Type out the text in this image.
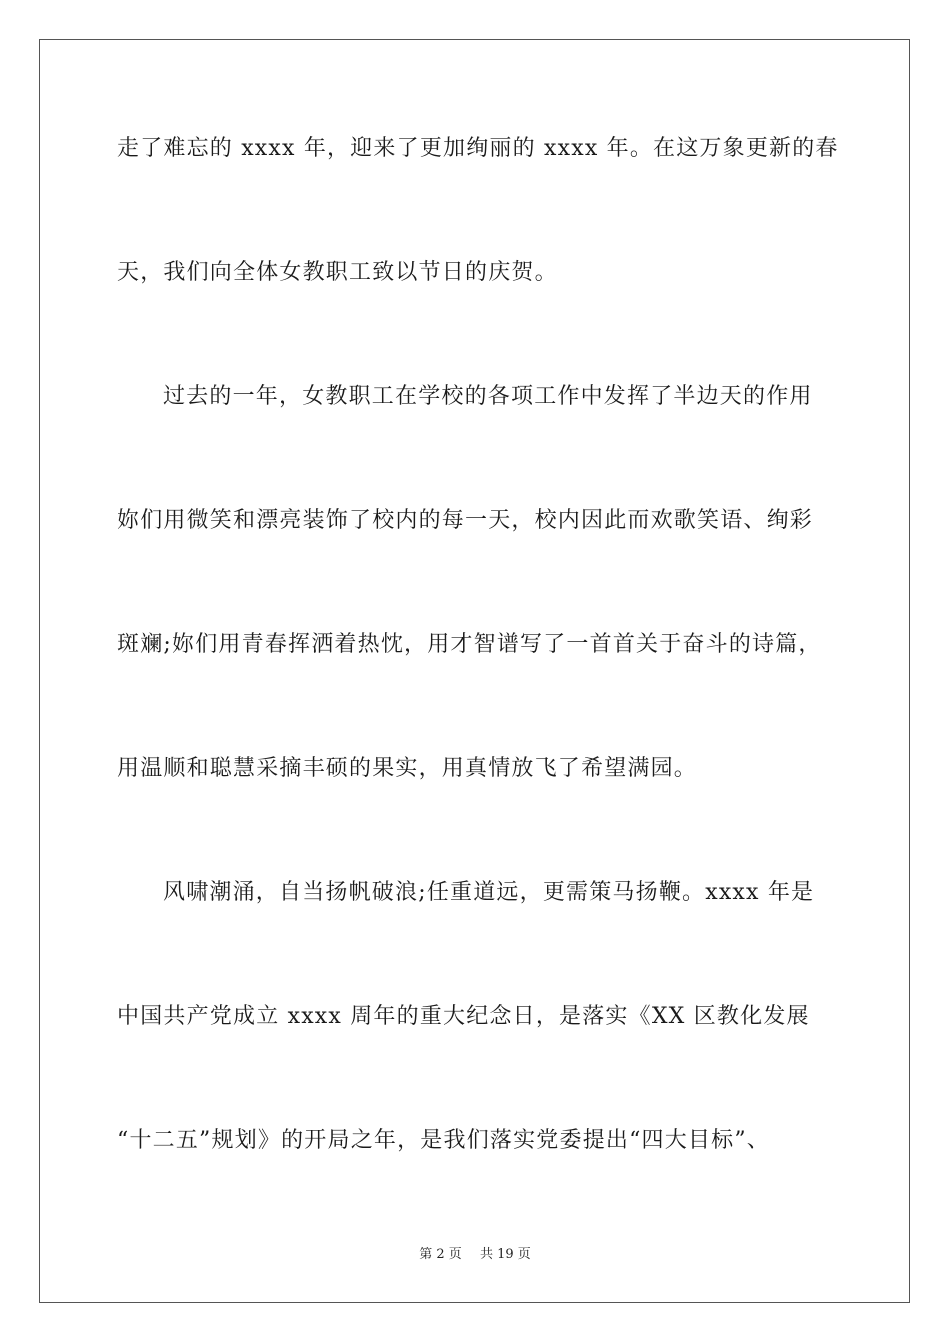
走了难忘的 xxxx 年，迎来了更加绚丽的 xxxx 年。在这万象更新的春
天，我们向全体女教职工致以节日的庆贺。
过去的一年，女教职工在学校的各项工作中发挥了半边天的作用
妳们用微笑和漂亮装饰了校内的每一天，校内因此而欢歌笑语、绚彩
斑斓;妳们用青春挥洒着热忱，用才智谱写了一首首关于奋斗的诗篇，
用温顺和聪慧采摘丰硕的果实，用真情放飞了希望满园。
风啸潮涌，自当扬帆破浪;任重道远，更需策马扬鞭。xxxx 年是
中国共产党成立 xxxx 周年的重大纪念日，是落实《XX 区教化发展
“十二五”规划》的开局之年，是我们落实党委提出“四大目标”、
第 2 页 共 19 页
